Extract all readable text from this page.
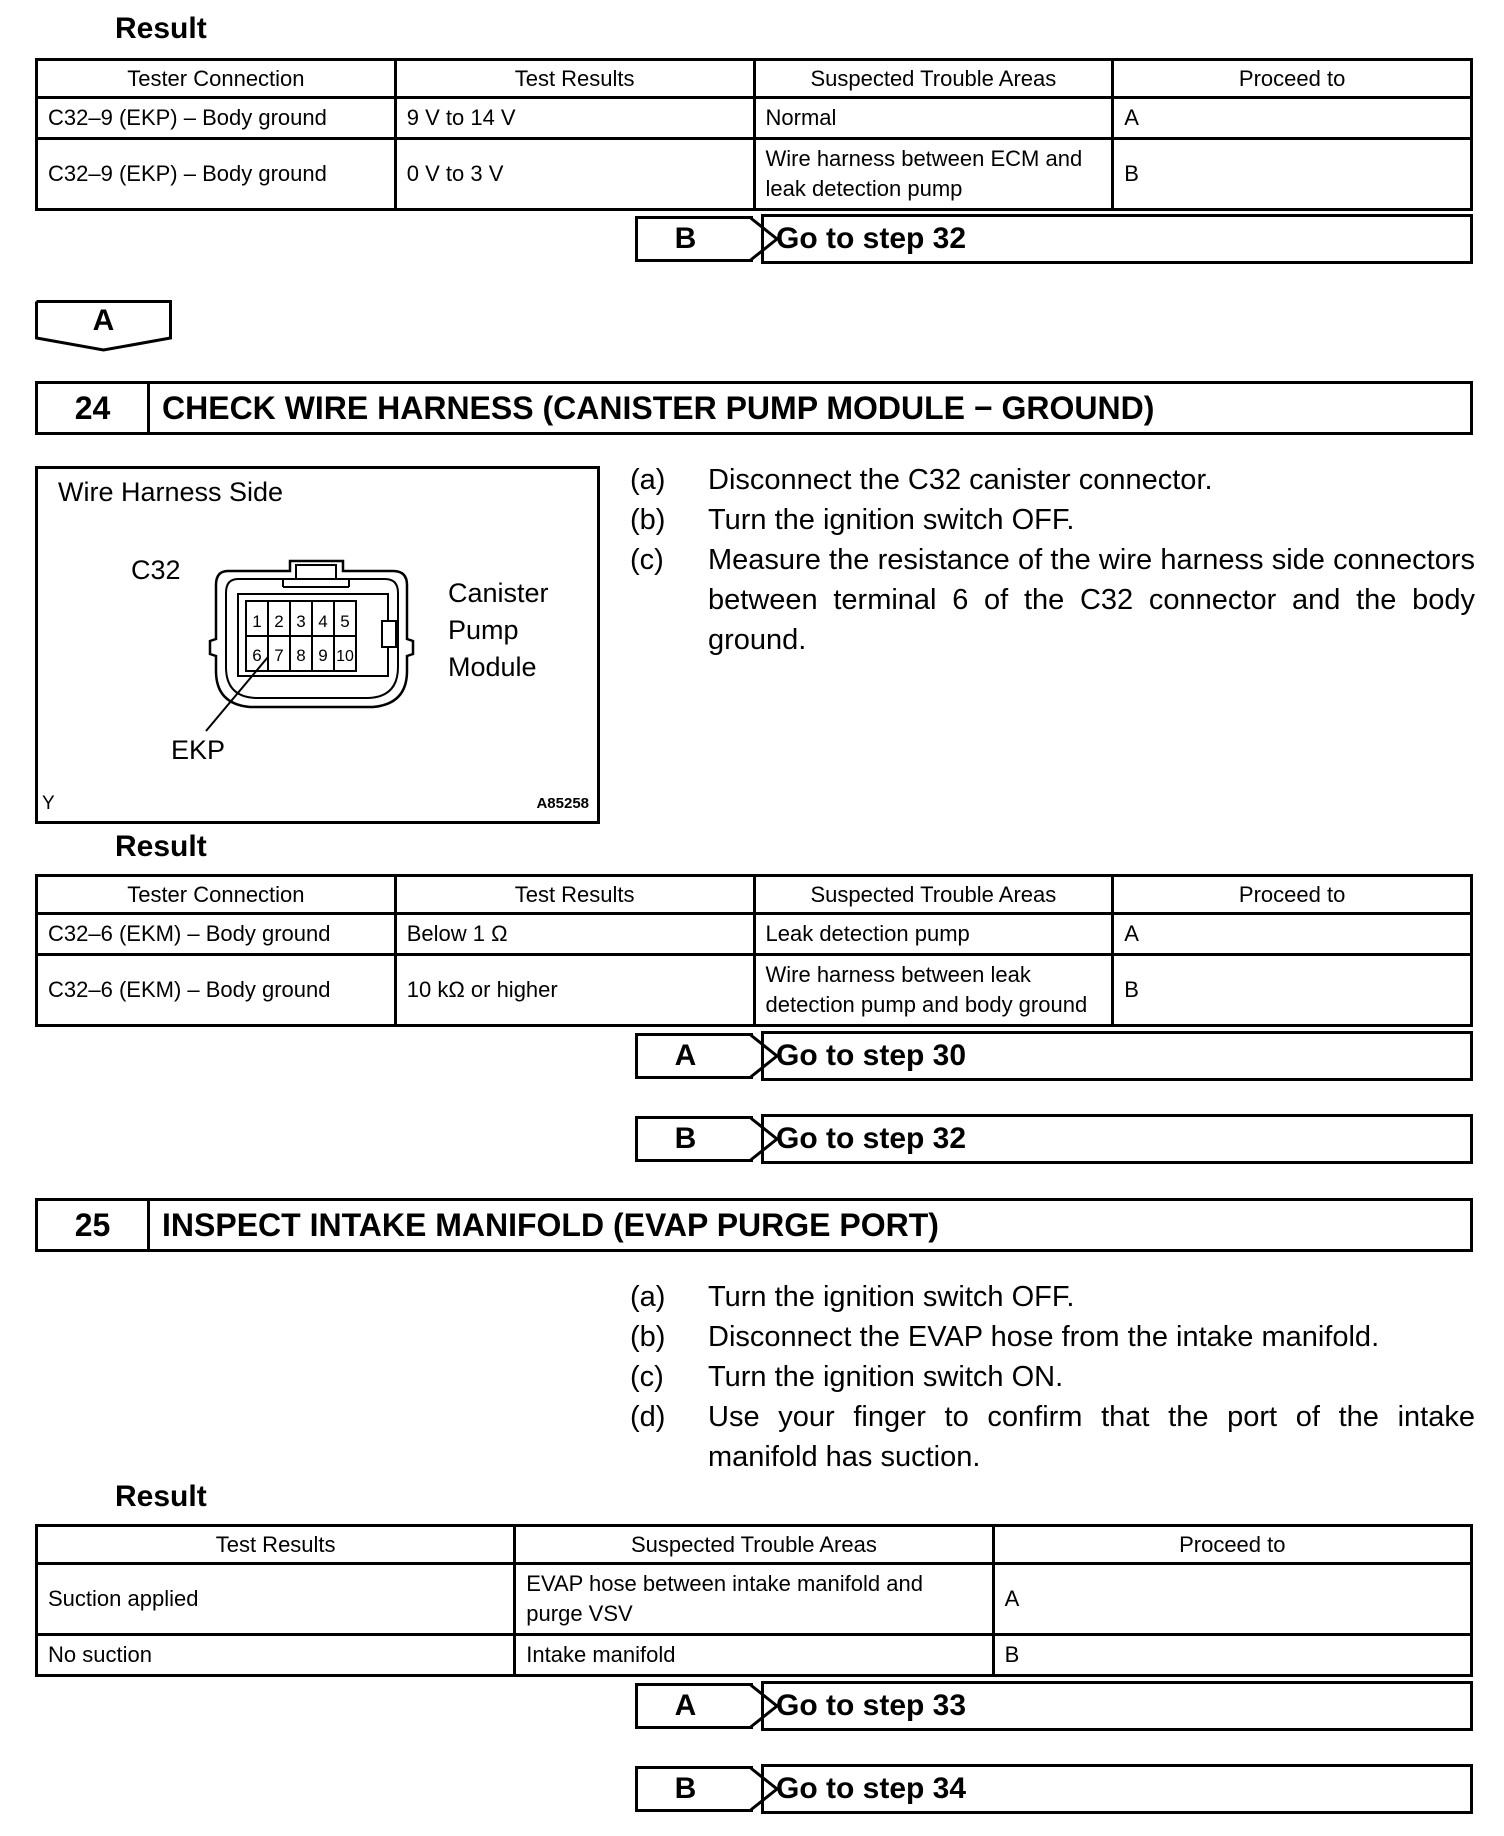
Result
Tester Connection	Test Results	Suspected Trouble Areas	Proceed to
C32–9 (EKP) – Body ground	9 V to 14 V	Normal	A
C32–9 (EKP) – Body ground	0 V to 3 V	Wire harness between ECM and leak detection pump	B
B	Go to step 32
A
24	CHECK WIRE HARNESS (CANISTER PUMP MODULE − GROUND)
Wire Harness Side
C32
Canister
Pump
Module
EKP
Y	A85258
1 2 3 4 5
6 7 8 9 10
(a)	Disconnect the C32 canister connector.
(b)	Turn the ignition switch OFF.
(c)	Measure the resistance of the wire harness side connectors between terminal 6 of the C32 connector and the body ground.
Result
Tester Connection	Test Results	Suspected Trouble Areas	Proceed to
C32–6 (EKM) – Body ground	Below 1 Ω	Leak detection pump	A
C32–6 (EKM) – Body ground	10 kΩ or higher	Wire harness between leak detection pump and body ground	B
A	Go to step 30
B	Go to step 32
25	INSPECT INTAKE MANIFOLD (EVAP PURGE PORT)
(a)	Turn the ignition switch OFF.
(b)	Disconnect the EVAP hose from the intake manifold.
(c)	Turn the ignition switch ON.
(d)	Use your finger to confirm that the port of the intake manifold has suction.
Result
Test Results	Suspected Trouble Areas	Proceed to
Suction applied	EVAP hose between intake manifold and purge VSV	A
No suction	Intake manifold	B
A	Go to step 33
B	Go to step 34
